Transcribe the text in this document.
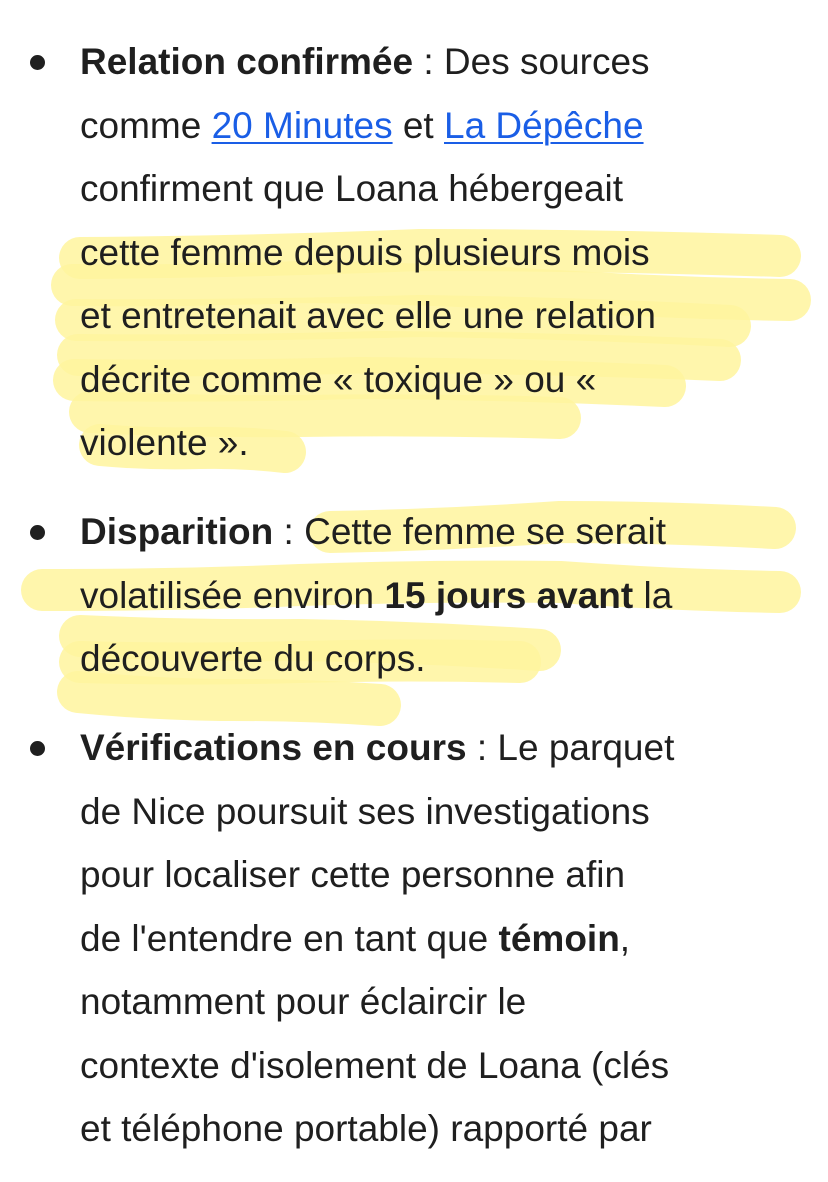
Relation confirmée : Des sources
comme 20 Minutes et La Dépêche
confirment que Loana hébergeait
cette femme depuis plusieurs mois
et entretenait avec elle une relation
décrite comme « toxique » ou «
violente ».

Disparition : Cette femme se serait
volatilisée environ 15 jours avant la
découverte du corps.

Vérifications en cours : Le parquet
de Nice poursuit ses investigations
pour localiser cette personne afin
de l'entendre en tant que témoin,
notamment pour éclaircir le
contexte d'isolement de Loana (clés
et téléphone portable) rapporté par
